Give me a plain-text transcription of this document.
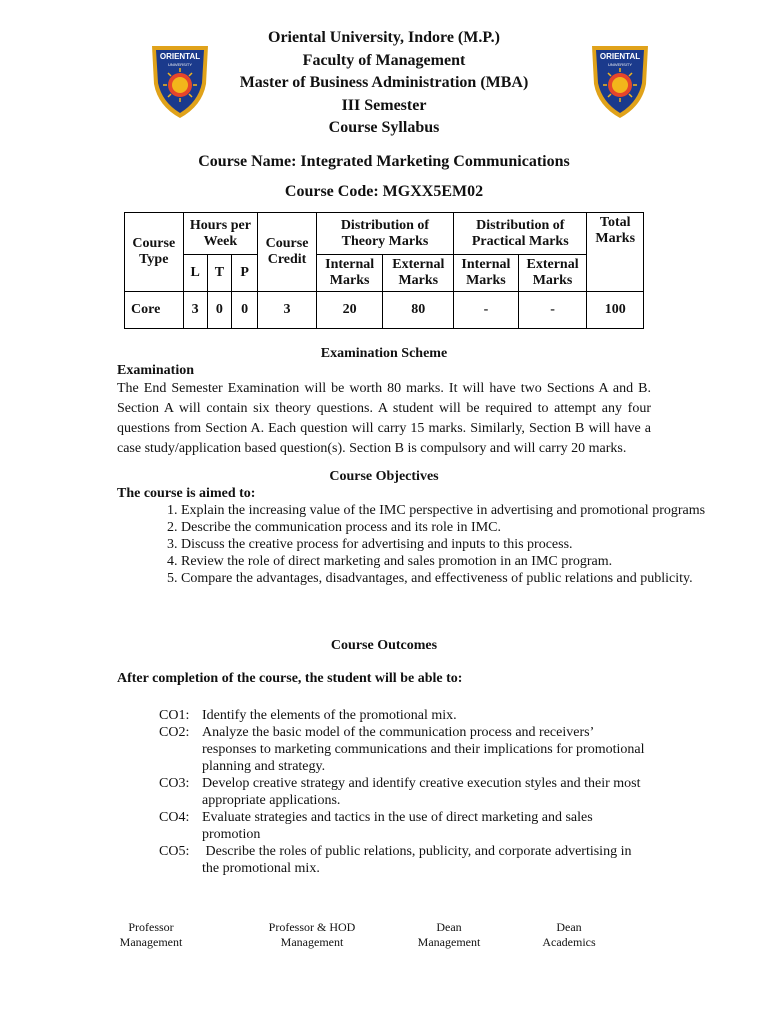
ORIENTAL
UNIVERSITY
ORIENTAL
UNIVERSITY
Oriental University, Indore (M.P.)
Faculty of Management
Master of Business Administration (MBA)
III Semester
Course Syllabus
Course Name: Integrated Marketing Communications
Course Code: MGXX5EM02
Course Type	Hours per Week			Course Credit	Distribution of Theory Marks		Distribution of Practical Marks		Total Marks
	L	T	P		Internal Marks	External Marks	Internal Marks	External Marks	
Core	3	0	0	3	20	80	-	-	100
Examination Scheme
Examination
The End Semester Examination will be worth 80 marks. It will have two Sections A and B. Section A will contain six theory questions. A student will be required to attempt any four questions from Section A. Each question will carry 15 marks. Similarly, Section B will have a case study/application based question(s). Section B is compulsory and will carry 20 marks.
Course Objectives
The course is aimed to:
1. Explain the increasing value of the IMC perspective in advertising and promotional programs
2. Describe the communication process and its role in IMC.
3. Discuss the creative process for advertising and inputs to this process.
4. Review the role of direct marketing and sales promotion in an IMC program.
5. Compare the advantages, disadvantages, and effectiveness of public relations and publicity.
Course Outcomes
After completion of the course, the student will be able to:
CO1: Identify the elements of the promotional mix.
CO2: Analyze the basic model of the communication process and receivers’ responses to marketing communications and their implications for promotional planning and strategy.
CO3: Develop creative strategy and identify creative execution styles and their most appropriate applications.
CO4: Evaluate strategies and tactics in the use of direct marketing and sales promotion
CO5: Describe the roles of public relations, publicity, and corporate advertising in the promotional mix.
Professor
Management
Professor & HOD
Management
Dean
Management
Dean
Academics
